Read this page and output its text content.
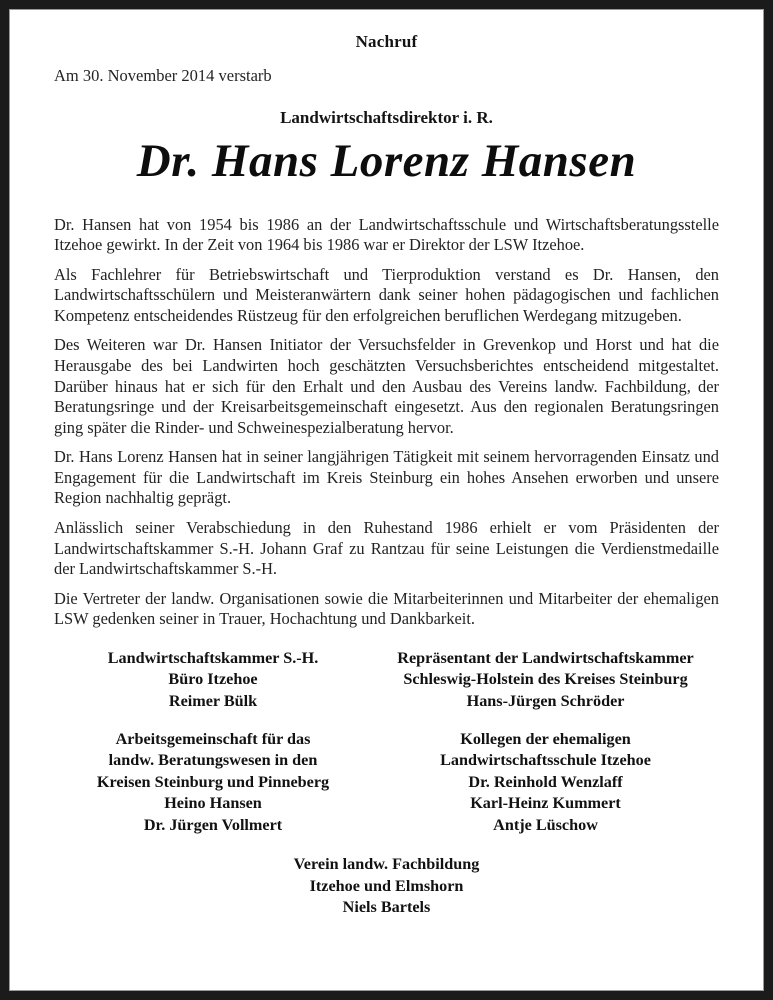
Nachruf
Am 30. November 2014 verstarb
Landwirtschaftsdirektor i. R.
Dr. Hans Lorenz Hansen

Dr. Hansen hat von 1954 bis 1986 an der Landwirtschaftsschule und Wirtschaftsberatungsstelle Itzehoe gewirkt. In der Zeit von 1964 bis 1986 war er Direktor der LSW Itzehoe.

Als Fachlehrer für Betriebswirtschaft und Tierproduktion verstand es Dr. Hansen, den Landwirtschaftsschülern und Meisteranwärtern dank seiner hohen pädagogischen und fachlichen Kompetenz entscheidendes Rüstzeug für den erfolgreichen beruflichen Werdegang mitzugeben.

Des Weiteren war Dr. Hansen Initiator der Versuchsfelder in Grevenkop und Horst und hat die Herausgabe des bei Landwirten hoch geschätzten Versuchsberichtes entscheidend mitgestaltet. Darüber hinaus hat er sich für den Erhalt und den Ausbau des Vereins landw. Fachbildung, der Beratungsringe und der Kreisarbeitsgemeinschaft eingesetzt. Aus den regionalen Beratungsringen ging später die Rinder- und Schweinespezialberatung hervor.

Dr. Hans Lorenz Hansen hat in seiner langjährigen Tätigkeit mit seinem hervorragenden Einsatz und Engagement für die Landwirtschaft im Kreis Steinburg ein hohes Ansehen erworben und unsere Region nachhaltig geprägt.

Anlässlich seiner Verabschiedung in den Ruhestand 1986 erhielt er vom Präsidenten der Landwirtschaftskammer S.-H. Johann Graf zu Rantzau für seine Leistungen die Verdienstmedaille der Landwirtschaftskammer S.-H.

Die Vertreter der landw. Organisationen sowie die Mitarbeiterinnen und Mitarbeiter der ehemaligen LSW gedenken seiner in Trauer, Hochachtung und Dankbarkeit.

Landwirtschaftskammer S.-H.
Büro Itzehoe
Reimer Bülk
Repräsentant der Landwirtschaftskammer
Schleswig-Holstein des Kreises Steinburg
Hans-Jürgen Schröder
Arbeitsgemeinschaft für das
landw. Beratungswesen in den
Kreisen Steinburg und Pinneberg
Heino Hansen
Dr. Jürgen Vollmert
Kollegen der ehemaligen
Landwirtschaftsschule Itzehoe
Dr. Reinhold Wenzlaff
Karl-Heinz Kummert
Antje Lüschow
Verein landw. Fachbildung
Itzehoe und Elmshorn
Niels Bartels
